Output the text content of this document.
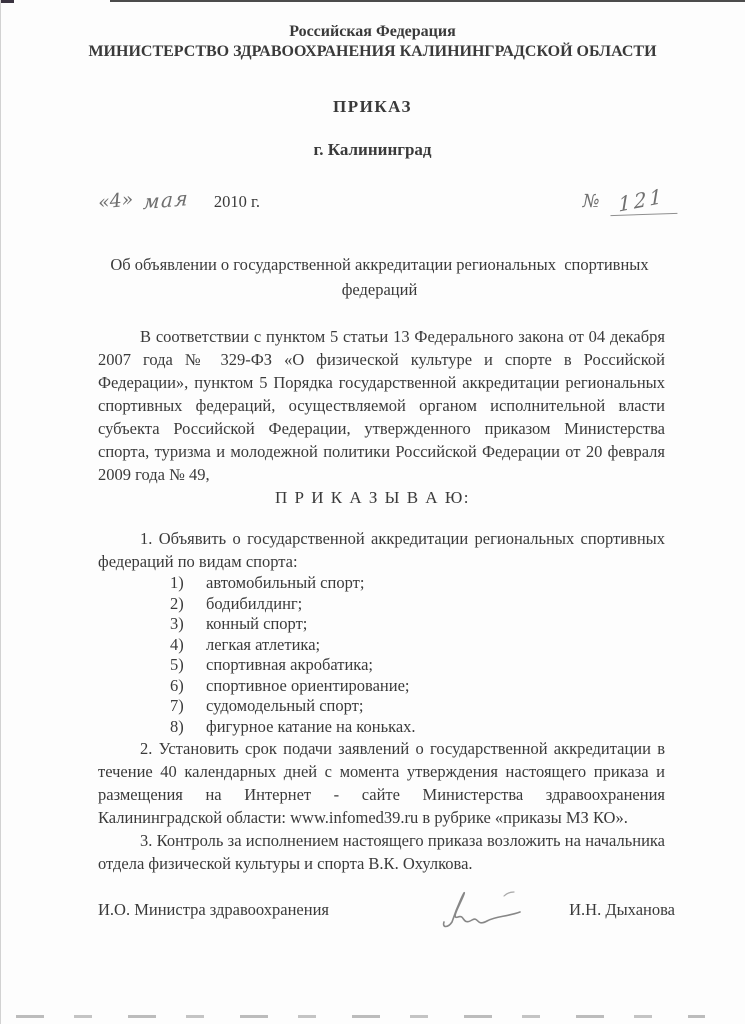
Российская Федерация
МИНИСТЕРСТВО ЗДРАВООХРАНЕНИЯ КАЛИНИНГРАДСКОЙ ОБЛАСТИ
ПРИКАЗ
г. Калининград
«4» мая 2010 г.	№ 121
Об объявлении о государственной аккредитации региональных  спортивных федераций

В соответствии с пунктом 5 статьи 13 Федерального закона от 04 декабря 2007 года № 329-ФЗ «О физической культуре и спорте в Российской Федерации», пунктом 5 Порядка государственной аккредитации региональных спортивных федераций, осуществляемой органом исполнительной власти субъекта Российской Федерации, утвержденного приказом Министерства спорта, туризма и молодежной политики Российской Федерации от 20 февраля 2009 года № 49,

П Р И К А З Ы В А Ю:

1. Объявить о государственной аккредитации региональных спортивных федераций по видам спорта:

1)	автомобильный спорт;
2)	бодибилдинг;
3)	конный спорт;
4)	легкая атлетика;
5)	спортивная акробатика;
6)	спортивное ориентирование;
7)	судомодельный спорт;
8)	фигурное катание на коньках.

2. Установить срок подачи заявлений о государственной аккредитации в течение 40 календарных дней с момента утверждения настоящего приказа и размещения на Интернет - сайте Министерства здравоохранения Калининградской области: www.infomed39.ru в рубрике «приказы МЗ КО».

3. Контроль за исполнением настоящего приказа возложить на начальника отдела физической культуры и спорта В.К. Охулкова.

И.О. Министра здравоохранения	И.Н. Дыханова
